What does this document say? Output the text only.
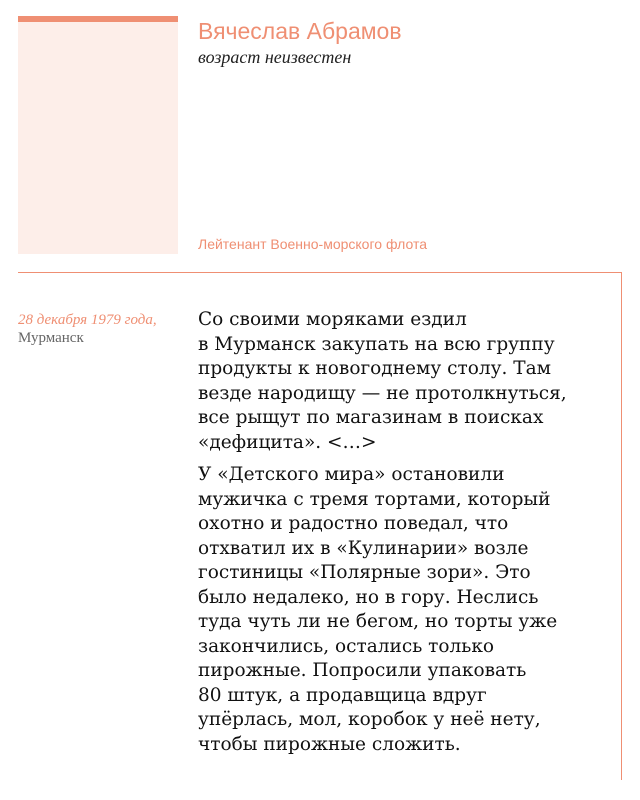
Вячеслав Абрамов
возраст неизвестен
Лейтенант Военно-морского флота
28 декабря 1979 года,
Мурманск

Со своими моряками ездил
в Мурманск закупать на всю группу
продукты к новогоднему столу. Там
везде народищу — не протолкнуться,
все рыщут по магазинам в поисках
«дефицита». <…>

У «Детского мира» остановили
мужичка с тремя тортами, который
охотно и радостно поведал, что
отхватил их в «Кулинарии» возле
гостиницы «Полярные зори». Это
было недалеко, но в гору. Неслись
туда чуть ли не бегом, но торты уже
закончились, остались только
пирожные. Попросили упаковать
80 штук, а продавщица вдруг
упёрлась, мол, коробок у неё нету,
чтобы пирожные сложить.
